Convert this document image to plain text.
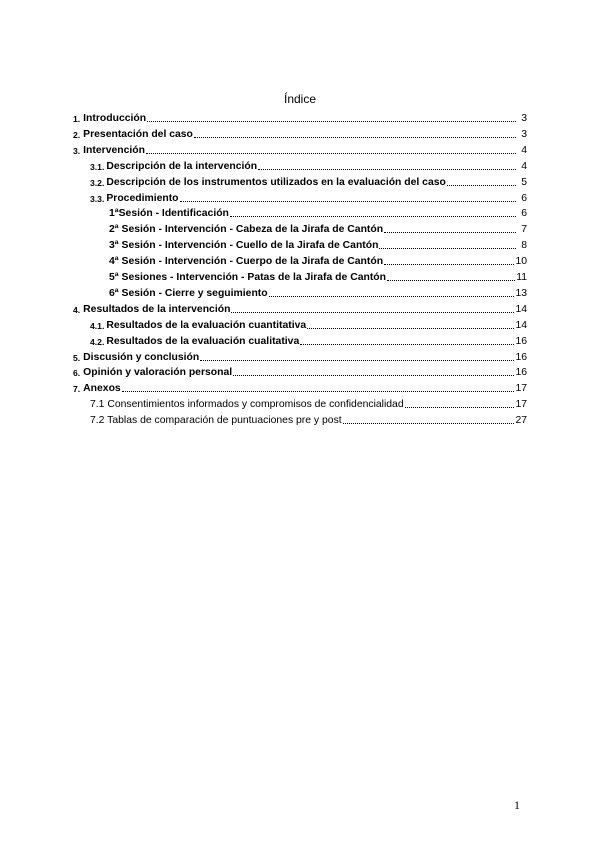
Índice
1. Introducción	3
2. Presentación del caso	3
3. Intervención	4
3.1. Descripción de la intervención	4
3.2. Descripción de los instrumentos utilizados en la evaluación del caso	5
3.3. Procedimiento	6
1ªSesión - Identificación	6
2ª Sesión - Intervención - Cabeza de la Jirafa de Cantón	7
3ª Sesión - Intervención - Cuello de la Jirafa de Cantón	8
4ª Sesión - Intervención - Cuerpo de la Jirafa de Cantón	10
5ª Sesiones - Intervención - Patas de la Jirafa de Cantón	11
6ª Sesión - Cierre y seguimiento	13
4. Resultados de la intervención	14
4.1. Resultados de la evaluación cuantitativa	14
4.2. Resultados de la evaluación cualitativa	16
5. Discusión y conclusión	16
6. Opinión y valoración personal	16
7. Anexos	17
7.1 Consentimientos informados y compromisos de confidencialidad	17
7.2 Tablas de comparación de puntuaciones pre y post	27
1
